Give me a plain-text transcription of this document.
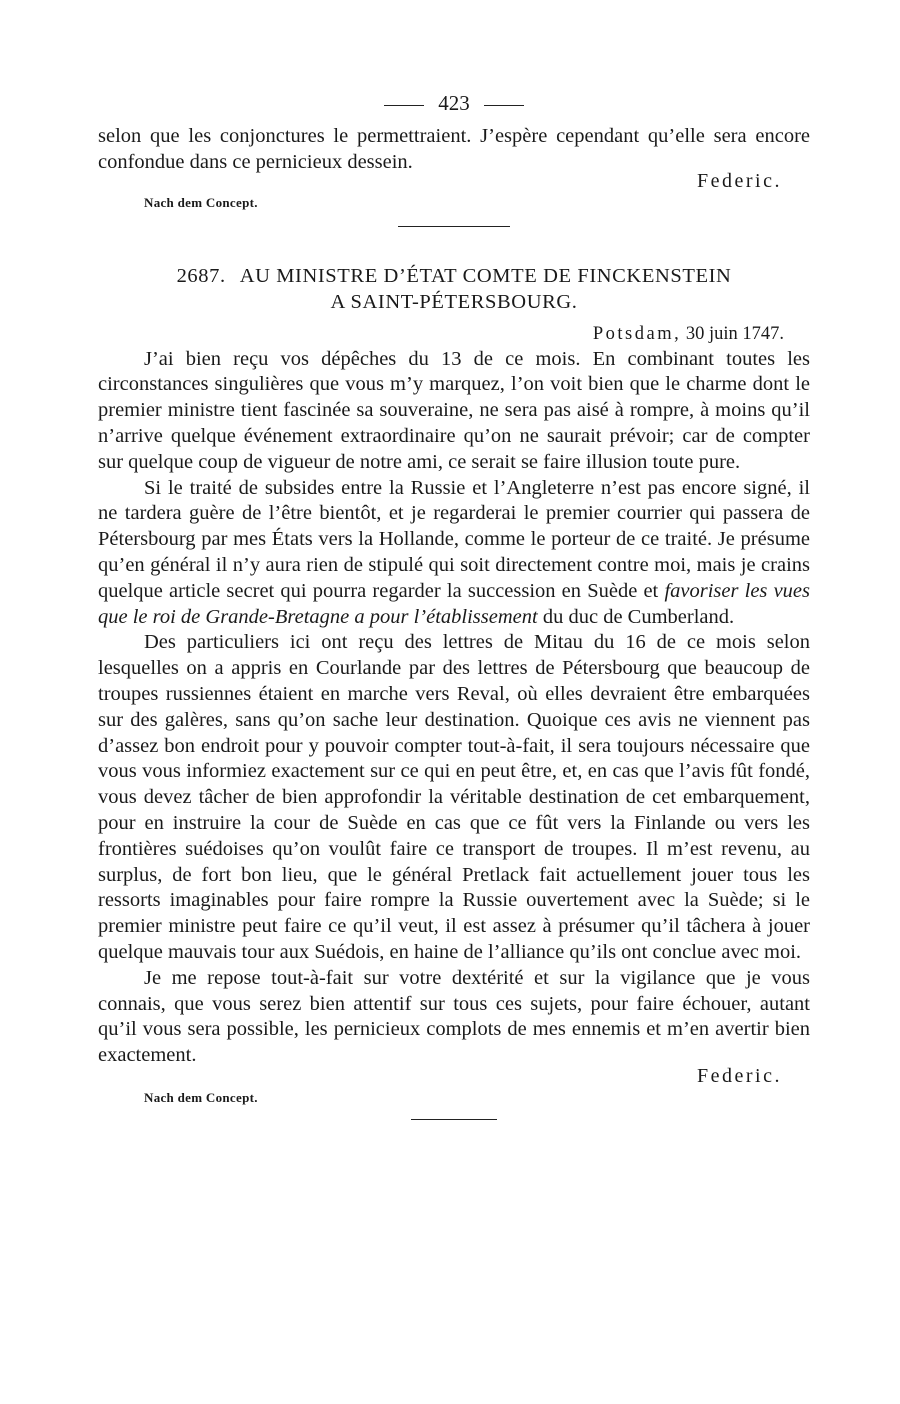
423

selon que les conjonctures le permettraient. J’espère cependant qu’elle sera encore confondue dans ce pernicieux dessein.

Federic.
Nach dem Concept.

2687. AU MINISTRE D’ÉTAT COMTE DE FINCKENSTEIN

A SAINT-PÉTERSBOURG.

Potsdam, 30 juin 1747.

J’ai bien reçu vos dépêches du 13 de ce mois. En combinant toutes les circonstances singulières que vous m’y marquez, l’on voit bien que le charme dont le premier ministre tient fascinée sa souveraine, ne sera pas aisé à rompre, à moins qu’il n’arrive quelque événement extraordinaire qu’on ne saurait prévoir; car de compter sur quelque coup de vigueur de notre ami, ce serait se faire illusion toute pure.

Si le traité de subsides entre la Russie et l’Angleterre n’est pas encore signé, il ne tardera guère de l’être bientôt, et je regarderai le premier courrier qui passera de Pétersbourg par mes États vers la Hollande, comme le porteur de ce traité. Je présume qu’en général il n’y aura rien de stipulé qui soit directement contre moi, mais je crains quelque article secret qui pourra regarder la succession en Suède et favoriser les vues que le roi de Grande-Bretagne a pour l’établissement du duc de Cumberland.

Des particuliers ici ont reçu des lettres de Mitau du 16 de ce mois selon lesquelles on a appris en Courlande par des lettres de Pétersbourg que beaucoup de troupes russiennes étaient en marche vers Reval, où elles devraient être embarquées sur des galères, sans qu’on sache leur destination. Quoique ces avis ne viennent pas d’assez bon endroit pour y pouvoir compter tout-à-fait, il sera toujours nécessaire que vous vous informiez exactement sur ce qui en peut être, et, en cas que l’avis fût fondé, vous devez tâcher de bien approfondir la véritable destination de cet embarquement, pour en instruire la cour de Suède en cas que ce fût vers la Finlande ou vers les frontières suédoises qu’on voulût faire ce transport de troupes. Il m’est revenu, au surplus, de fort bon lieu, que le général Pretlack fait actuellement jouer tous les ressorts imaginables pour faire rompre la Russie ouvertement avec la Suède; si le premier ministre peut faire ce qu’il veut, il est assez à présumer qu’il tâchera à jouer quelque mauvais tour aux Suédois, en haine de l’alliance qu’ils ont conclue avec moi.

Je me repose tout-à-fait sur votre dextérité et sur la vigilance que je vous connais, que vous serez bien attentif sur tous ces sujets, pour faire échouer, autant qu’il vous sera possible, les pernicieux complots de mes ennemis et m’en avertir bien exactement.

Federic.
Nach dem Concept.
